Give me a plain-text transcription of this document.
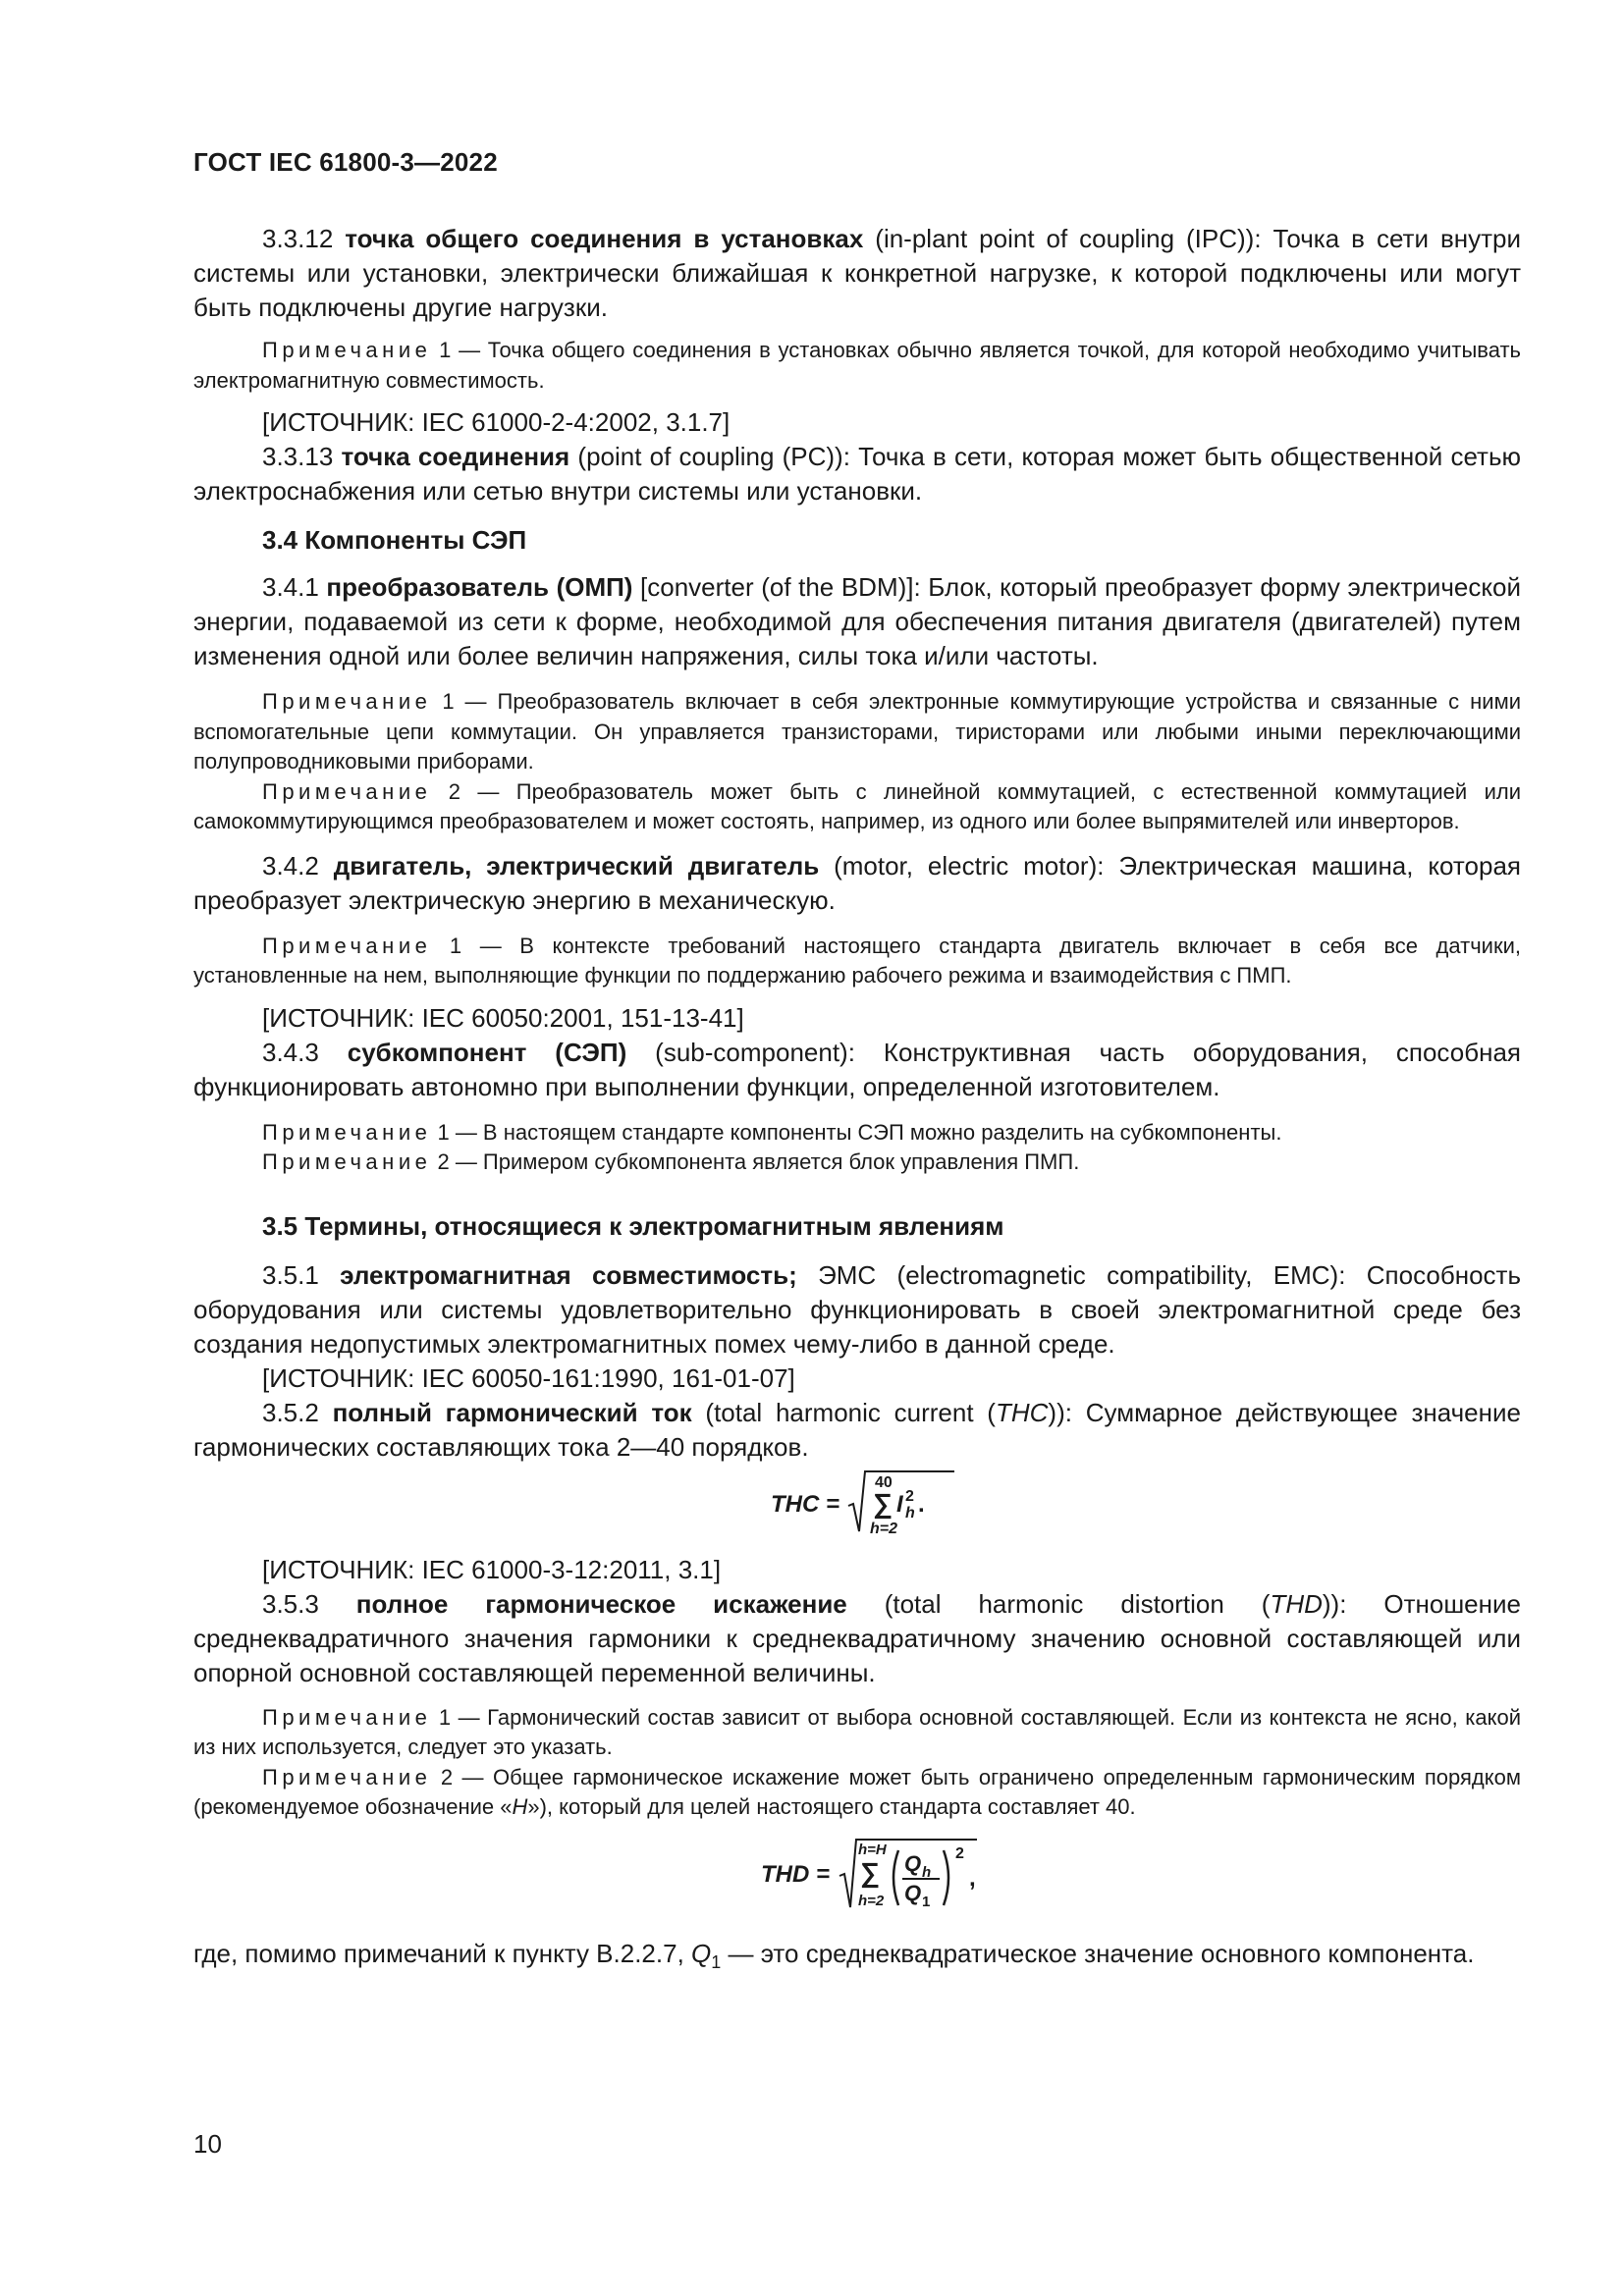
ГОСТ IEC 61800-3—2022

3.3.12 точка общего соединения в установках (in-plant point of coupling (IPC)): Точка в сети внутри системы или установки, электрически ближайшая к конкретной нагрузке, к которой подключены или могут быть подключены другие нагрузки.

Примечание 1 — Точка общего соединения в установках обычно является точкой, для которой необходимо учитывать электромагнитную совместимость.

[ИСТОЧНИК: IEC 61000-2-4:2002, 3.1.7]

3.3.13 точка соединения (point of coupling (PC)): Точка в сети, которая может быть общественной сетью электроснабжения или сетью внутри системы или установки.

3.4 Компоненты СЭП

3.4.1 преобразователь (ОМП) [converter (of the BDM)]: Блок, который преобразует форму электрической энергии, подаваемой из сети к форме, необходимой для обеспечения питания двигателя (двигателей) путем изменения одной или более величин напряжения, силы тока и/или частоты.

Примечание 1 — Преобразователь включает в себя электронные коммутирующие устройства и связанные с ними вспомогательные цепи коммутации. Он управляется транзисторами, тиристорами или любыми иными переключающими полупроводниковыми приборами.

Примечание 2 — Преобразователь может быть с линейной коммутацией, с естественной коммутацией или самокоммутирующимся преобразователем и может состоять, например, из одного или более выпрямителей или инверторов.

3.4.2 двигатель, электрический двигатель (motor, electric motor): Электрическая машина, которая преобразует электрическую энергию в механическую.

Примечание 1 — В контексте требований настоящего стандарта двигатель включает в себя все датчики, установленные на нем, выполняющие функции по поддержанию рабочего режима и взаимодействия с ПМП.

[ИСТОЧНИК: IEC 60050:2001, 151-13-41]

3.4.3 субкомпонент (СЭП) (sub-component): Конструктивная часть оборудования, способная функционировать автономно при выполнении функции, определенной изготовителем.

Примечание 1 — В настоящем стандарте компоненты СЭП можно разделить на субкомпоненты.

Примечание 2 — Примером субкомпонента является блок управления ПМП.

3.5 Термины, относящиеся к электромагнитным явлениям

3.5.1 электромагнитная совместимость; ЭМС (electromagnetic compatibility, EMC): Способность оборудования или системы удовлетворительно функционировать в своей электромагнитной среде без создания недопустимых электромагнитных помех чему-либо в данной среде.

[ИСТОЧНИК: IEC 60050-161:1990, 161-01-07]

3.5.2 полный гармонический ток (total harmonic current (THC)): Суммарное действующее значение гармонических составляющих тока 2—40 порядков.

THC =
40
∑
h=2
I h
2 .

[ИСТОЧНИК: IEC 61000-3-12:2011, 3.1]

3.5.3 полное гармоническое искажение (total harmonic distortion (THD)): Отношение среднеквадратичного значения гармоники к среднеквадратичному значению основной составляющей или опорной основной составляющей переменной величины.

Примечание 1 — Гармонический состав зависит от выбора основной составляющей. Если из контекста не ясно, какой из них используется, следует это указать.

Примечание 2 — Общее гармоническое искажение может быть ограничено определенным гармоническим порядком (рекомендуемое обозначение «H»), который для целей настоящего стандарта составляет 40.

THD =
h=H
∑
h=2
Q h
Q 1
2
,

где, помимо примечаний к пункту В.2.2.7, $Q_1$ — это среднеквадратическое значение основного компонента.

10
